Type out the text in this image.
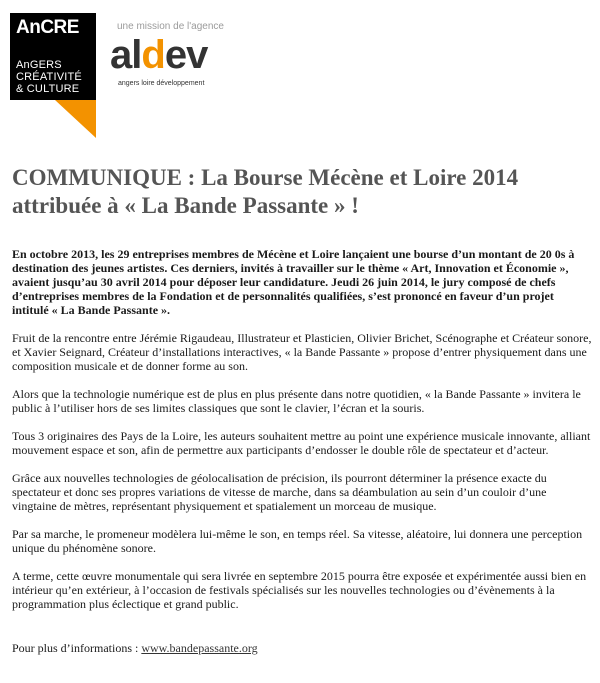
AnCRE
AnGERS
CRÉATIVITÉ
& CULTURE
une mission de l'agence
aldev
angers loire développement
COMMUNIQUE : La Bourse Mécène et Loire 2014 attribuée à « La Bande Passante » !

En octobre 2013, les 29 entreprises membres de Mécène et Loire lançaient une bourse d’un montant de 20 0s à destination des jeunes artistes. Ces derniers, invités à travailler sur le thème « Art, Innovation et Économie », avaient jusqu’au 30 avril 2014 pour déposer leur candidature. Jeudi 26 juin 2014, le jury composé de chefs d’entreprises membres de la Fondation et de personnalités qualifiées, s’est prononcé en faveur d’un projet intitulé « La Bande Passante ».

Fruit de la rencontre entre Jérémie Rigaudeau, Illustrateur et Plasticien, Olivier Brichet, Scénographe et Créateur sonore, et Xavier Seignard, Créateur d’installations interactives, « la Bande Passante » propose d’entrer physiquement dans une composition musicale et de donner forme au son.

Alors que la technologie numérique est de plus en plus présente dans notre quotidien, « la Bande Passante » invitera le public à l’utiliser hors de ses limites classiques que sont le clavier, l’écran et la souris.

Tous 3 originaires des Pays de la Loire, les auteurs souhaitent mettre au point une expérience musicale innovante, alliant mouvement espace et son, afin de permettre aux participants d’endosser le double rôle de spectateur et d’acteur.

Grâce aux nouvelles technologies de géolocalisation de précision, ils pourront déterminer la présence exacte du spectateur et donc ses propres variations de vitesse de marche, dans sa déambulation au sein d’un couloir d’une vingtaine de mètres, représentant physiquement et spatialement un morceau de musique.

Par sa marche, le promeneur modèlera lui-même le son, en temps réel. Sa vitesse, aléatoire, lui donnera une perception unique du phénomène sonore.

A terme, cette œuvre monumentale qui sera livrée en septembre 2015 pourra être exposée et expérimentée aussi bien en intérieur qu’en extérieur, à l’occasion de festivals spécialisés sur les nouvelles technologies ou d’évènements à la programmation plus éclectique et grand public.

Pour plus d’informations : www.bandepassante.org
